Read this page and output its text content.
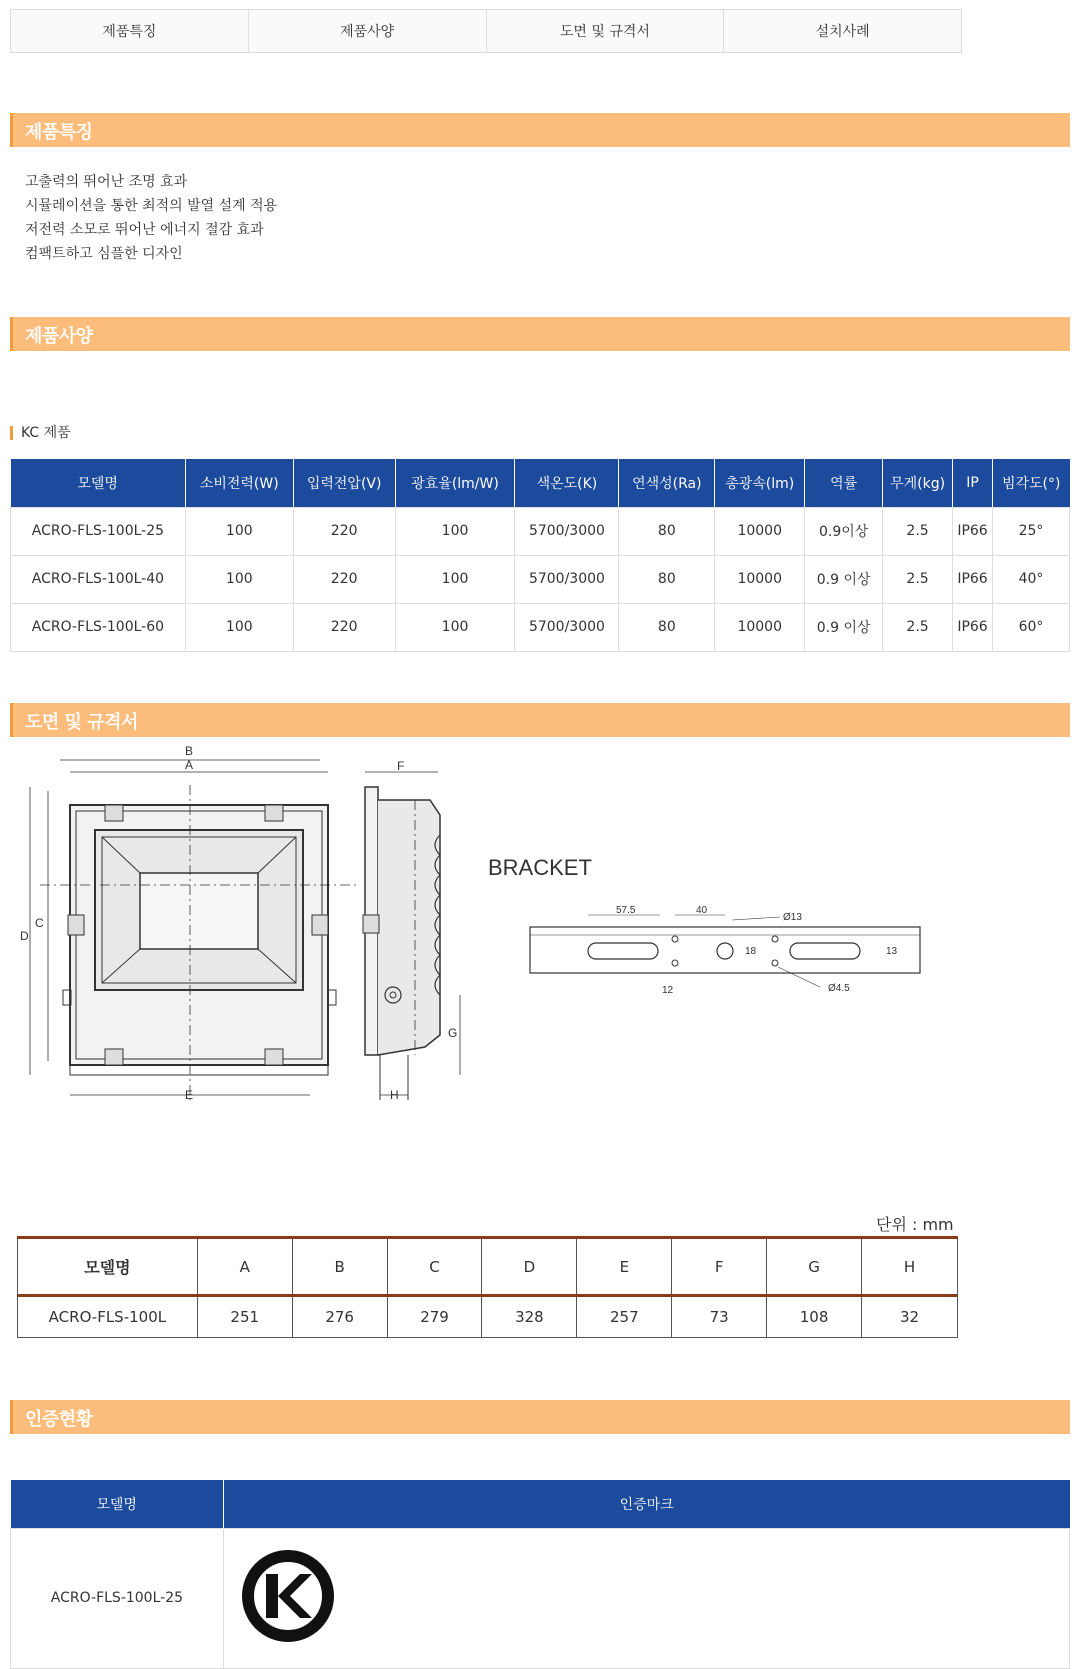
제품특징	제품사양	도면 및 규격서	설치사례
제품특징
고출력의 뛰어난 조명 효과
시뮬레이션을 통한 최적의 발열 설계 적용
저전력 소모로 뛰어난 에너지 절감 효과
컴팩트하고 심플한 디자인
제품사양
KC 제품
모델명	소비전력(W)	입력전압(V)	광효율(lm/W)	색온도(K)	연색성(Ra)	총광속(lm)	역률	무게(kg)	IP	빔각도(°)
ACRO-FLS-100L-25	100	220	100	5700/3000	80	10000	0.9이상	2.5	IP66	25°
ACRO-FLS-100L-40	100	220	100	5700/3000	80	10000	0.9 이상	2.5	IP66	40°
ACRO-FLS-100L-60	100	220	100	5700/3000	80	10000	0.9 이상	2.5	IP66	60°
도면 및 규격서
B
A
E
D
C
F
G
H
BRACKET
57.5	40
Ø13
18	13
12	Ø4.5
단위 : mm
모델명	A	B	C	D	E	F	G	H
ACRO-FLS-100L	251	276	279	328	257	73	108	32
인증현황
모델명	인증마크
ACRO-FLS-100L-25	
